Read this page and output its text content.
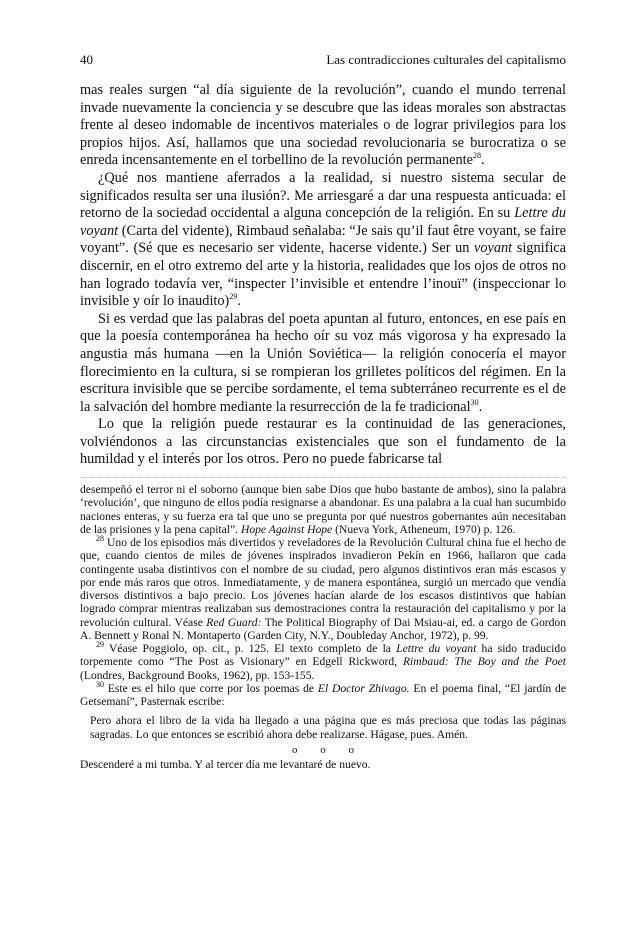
40	Las contradicciones culturales del capitalismo

mas reales surgen “al día siguiente de la revolución”, cuando el mundo terrenal invade nuevamente la conciencia y se descubre que las ideas morales son abstractas frente al deseo indomable de incentivos materiales o de lograr privilegios para los propios hijos. Así, hallamos que una sociedad revolucionaria se burocratiza o se enreda incensantemente en el torbellino de la revolución permanente$^{28}$.

¿Qué nos mantiene aferrados a la realidad, si nuestro sistema secular de significados resulta ser una ilusión?. Me arriesgaré a dar una respuesta anticuada: el retorno de la sociedad occidental a alguna concepción de la religión. En su Lettre du voyant (Carta del vidente), Rimbaud señalaba: “Je sais qu’il faut être voyant, se faire voyant”. (Sé que es necesario ser vidente, hacerse vidente.) Ser un voyant significa discernir, en el otro extremo del arte y la historia, realidades que los ojos de otros no han logrado todavía ver, “inspecter l’invisible et entendre l’inouï” (inspeccionar lo invisible y oír lo inaudito)$^{29}$.

Si es verdad que las palabras del poeta apuntan al futuro, entonces, en ese país en que la poesía contemporánea ha hecho oír su voz más vigorosa y ha expresado la angustia más humana —en la Unión Soviética— la religión conocería el mayor florecimiento en la cultura, si se rompieran los grilletes políticos del régimen. En la escritura invisible que se percibe sordamente, el tema subterráneo recurrente es el de la salvación del hombre mediante la resurrección de la fe tradicional$^{30}$.

Lo que la religión puede restaurar es la continuidad de las generaciones, volviéndonos a las circunstancias existenciales que son el fundamento de la humildad y el interés por los otros. Pero no puede fabricarse tal

desempeñó el terror ni el soborno (aunque bien sabe Dios que hubo bastante de ambos), sino la palabra ‘revolución’, que ninguno de ellos podía resignarse a abandonar. Es una palabra a la cual han sucumbido naciones enteras, y su fuerza era tal que uno se pregunta por qué nuestros gobernantes aún necesitaban de las prisiones y la pena capital”. Hope Against Hope (Nueva York, Atheneum, 1970) p. 126.

$^{28}$ Uno de los episodios más divertidos y reveladores de la Revolución Cultural china fue el hecho de que, cuando cientos de miles de jóvenes inspirados invadieron Pekín en 1966, hallaron que cada contingente usaba distintivos con el nombre de su ciudad, pero algunos distintivos eran más escasos y por ende más raros que otros. Inmediatamente, y de manera espontánea, surgió un mercado que vendía diversos distintivos a bajo precio. Los jóvenes hacían alarde de los escasos distintivos que habían logrado comprar mientras realizaban sus demostraciones contra la restauración del capitalismo y por la revolución cultural. Véase Red Guard: The Political Biography of Dai Msiau-ai, ed. a cargo de Gordon A. Bennett y Ronal N. Montaperto (Garden City, N.Y., Doubleday Anchor, 1972), p. 99.

$^{29}$ Véase Poggiolo, op. cit., p. 125. El texto completo de la Lettre du voyant ha sido traducido torpemente como “The Post as Visionary” en Edgell Rickword, Rimbaud: The Boy and the Poet (Londres, Background Books, 1962), pp. 153-155.

$^{30}$ Este es el hilo que corre por los poemas de El Doctor Zhivago. En el poema final, “El jardín de Getsemaní”, Pasternak escribe:

Pero ahora el libro de la vida ha llegado a una página que es más preciosa que todas las páginas sagradas. Lo que entonces se escribió ahora debe realizarse. Hágase, pues. Amén.

o o o

Descenderé a mi tumba. Y al tercer día me levantaré de nuevo.
